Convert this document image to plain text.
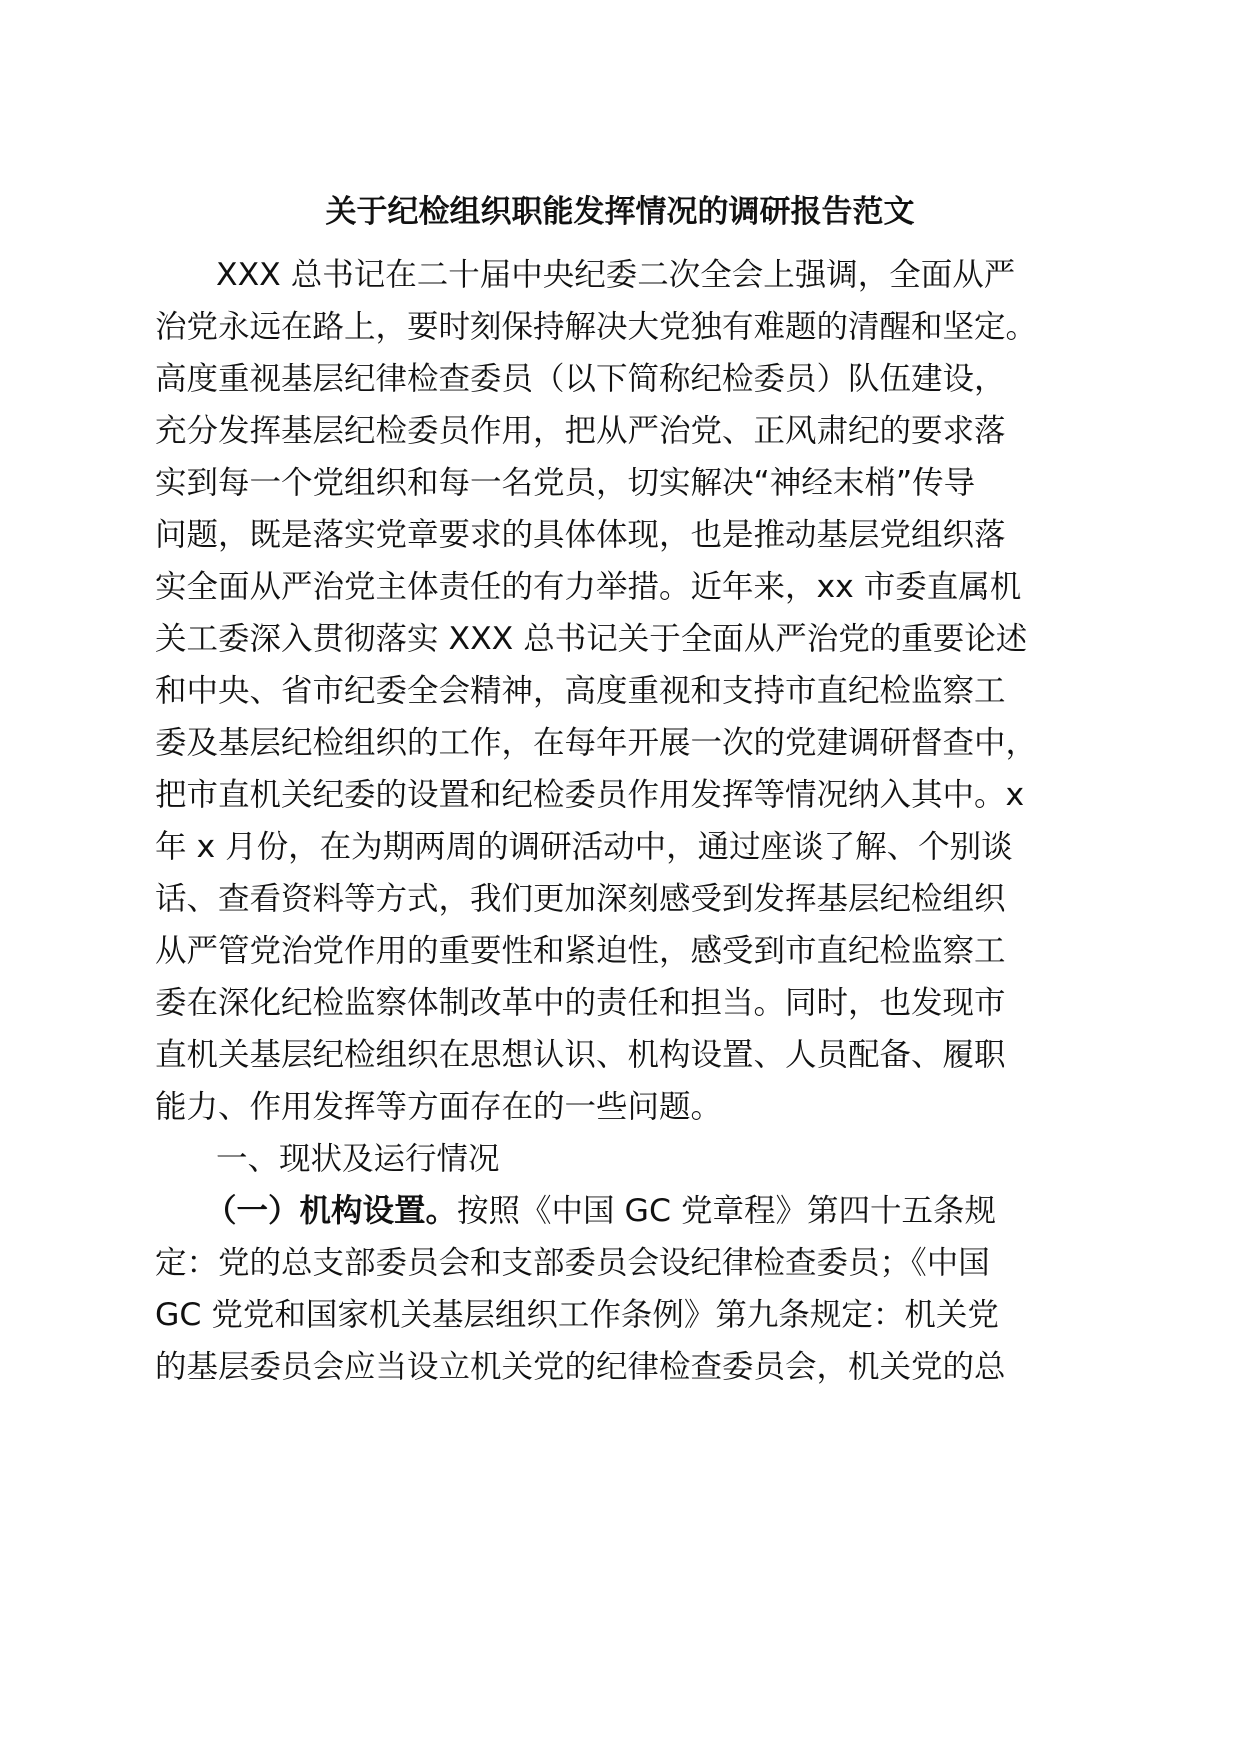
关于纪检组织职能发挥情况的调研报告范文

XXX 总书记在二十届中央纪委二次全会上强调，全面从严

治党永远在路上，要时刻保持解决大党独有难题的清醒和坚定。

高度重视基层纪律检查委员（以下简称纪检委员）队伍建设，

充分发挥基层纪检委员作用，把从严治党、正风肃纪的要求落

实到每一个党组织和每一名党员，切实解决“神经末梢”传导

问题，既是落实党章要求的具体体现，也是推动基层党组织落

实全面从严治党主体责任的有力举措。近年来，xx 市委直属机

关工委深入贯彻落实 XXX 总书记关于全面从严治党的重要论述

和中央、省市纪委全会精神，高度重视和支持市直纪检监察工

委及基层纪检组织的工作，在每年开展一次的党建调研督查中，

把市直机关纪委的设置和纪检委员作用发挥等情况纳入其中。x

年 x 月份，在为期两周的调研活动中，通过座谈了解、个别谈

话、查看资料等方式，我们更加深刻感受到发挥基层纪检组织

从严管党治党作用的重要性和紧迫性，感受到市直纪检监察工

委在深化纪检监察体制改革中的责任和担当。同时，也发现市

直机关基层纪检组织在思想认识、机构设置、人员配备、履职

能力、作用发挥等方面存在的一些问题。

一、现状及运行情况

（一）机构设置。按照《中国 GC 党章程》第四十五条规

定：党的总支部委员会和支部委员会设纪律检查委员；《中国

GC 党党和国家机关基层组织工作条例》第九条规定：机关党

的基层委员会应当设立机关党的纪律检查委员会，机关党的总
